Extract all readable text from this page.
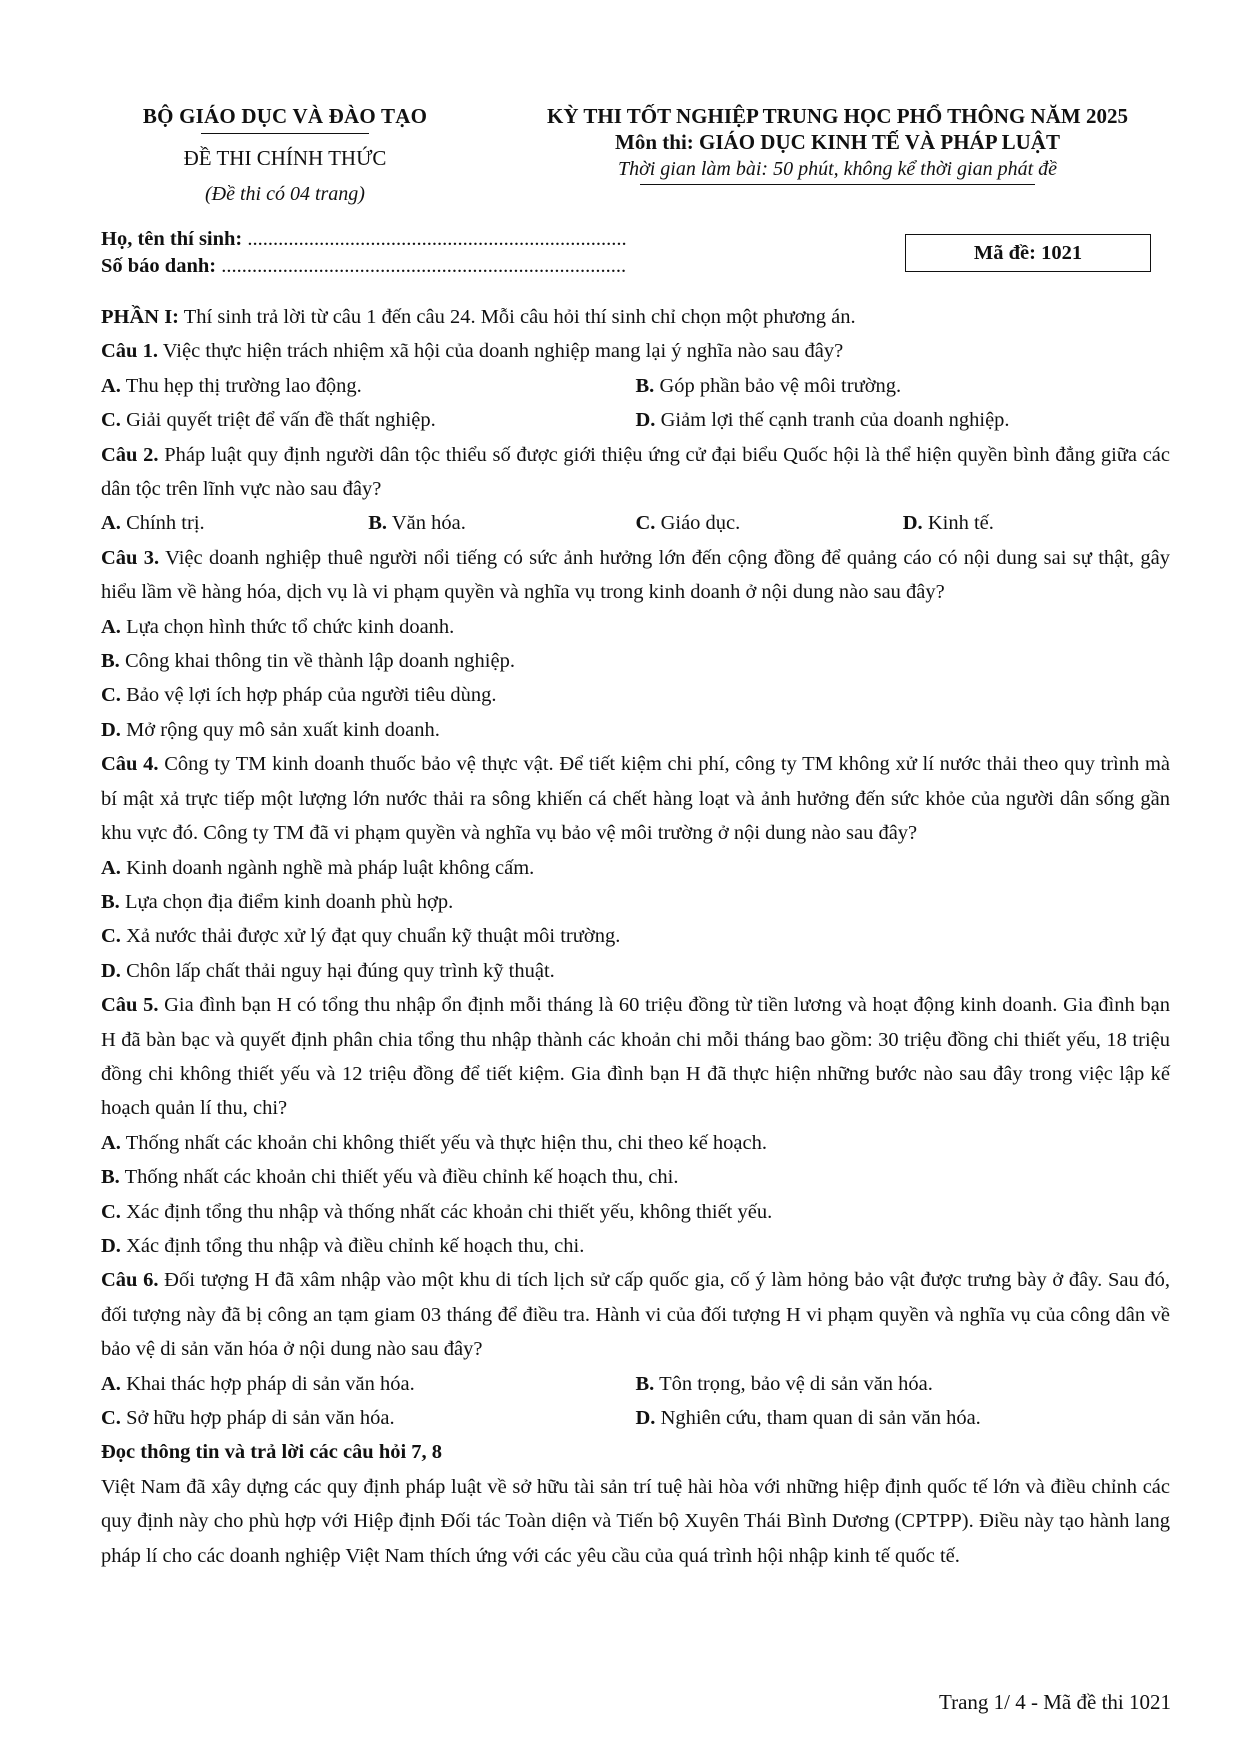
BỘ GIÁO DỤC VÀ ĐÀO TẠO
ĐỀ THI CHÍNH THỨC
(Đề thi có 04 trang)
KỲ THI TỐT NGHIỆP TRUNG HỌC PHỔ THÔNG NĂM 2025
Môn thi: GIÁO DỤC KINH TẾ VÀ PHÁP LUẬT
Thời gian làm bài: 50 phút, không kể thời gian phát đề
Họ, tên thí sinh: ..........................................................................
Số báo danh: ...............................................................................
Mã đề: 1021

PHẦN I: Thí sinh trả lời từ câu 1 đến câu 24. Mỗi câu hỏi thí sinh chỉ chọn một phương án.

Câu 1. Việc thực hiện trách nhiệm xã hội của doanh nghiệp mang lại ý nghĩa nào sau đây?

A. Thu hẹp thị trường lao động.	B. Góp phần bảo vệ môi trường.
C. Giải quyết triệt để vấn đề thất nghiệp.	D. Giảm lợi thế cạnh tranh của doanh nghiệp.

Câu 2. Pháp luật quy định người dân tộc thiểu số được giới thiệu ứng cử đại biểu Quốc hội là thể hiện quyền bình đẳng giữa các dân tộc trên lĩnh vực nào sau đây?

A. Chính trị.	B. Văn hóa.	C. Giáo dục.	D. Kinh tế.

Câu 3. Việc doanh nghiệp thuê người nổi tiếng có sức ảnh hưởng lớn đến cộng đồng để quảng cáo có nội dung sai sự thật, gây hiểu lầm về hàng hóa, dịch vụ là vi phạm quyền và nghĩa vụ trong kinh doanh ở nội dung nào sau đây?

A. Lựa chọn hình thức tổ chức kinh doanh.
B. Công khai thông tin về thành lập doanh nghiệp.
C. Bảo vệ lợi ích hợp pháp của người tiêu dùng.
D. Mở rộng quy mô sản xuất kinh doanh.

Câu 4. Công ty TM kinh doanh thuốc bảo vệ thực vật. Để tiết kiệm chi phí, công ty TM không xử lí nước thải theo quy trình mà bí mật xả trực tiếp một lượng lớn nước thải ra sông khiến cá chết hàng loạt và ảnh hưởng đến sức khỏe của người dân sống gần khu vực đó. Công ty TM đã vi phạm quyền và nghĩa vụ bảo vệ môi trường ở nội dung nào sau đây?

A. Kinh doanh ngành nghề mà pháp luật không cấm.
B. Lựa chọn địa điểm kinh doanh phù hợp.
C. Xả nước thải được xử lý đạt quy chuẩn kỹ thuật môi trường.
D. Chôn lấp chất thải nguy hại đúng quy trình kỹ thuật.

Câu 5. Gia đình bạn H có tổng thu nhập ổn định mỗi tháng là 60 triệu đồng từ tiền lương và hoạt động kinh doanh. Gia đình bạn H đã bàn bạc và quyết định phân chia tổng thu nhập thành các khoản chi mỗi tháng bao gồm: 30 triệu đồng chi thiết yếu, 18 triệu đồng chi không thiết yếu và 12 triệu đồng để tiết kiệm. Gia đình bạn H đã thực hiện những bước nào sau đây trong việc lập kế hoạch quản lí thu, chi?

A. Thống nhất các khoản chi không thiết yếu và thực hiện thu, chi theo kế hoạch.
B. Thống nhất các khoản chi thiết yếu và điều chỉnh kế hoạch thu, chi.
C. Xác định tổng thu nhập và thống nhất các khoản chi thiết yếu, không thiết yếu.
D. Xác định tổng thu nhập và điều chỉnh kế hoạch thu, chi.

Câu 6. Đối tượng H đã xâm nhập vào một khu di tích lịch sử cấp quốc gia, cố ý làm hỏng bảo vật được trưng bày ở đây. Sau đó, đối tượng này đã bị công an tạm giam 03 tháng để điều tra. Hành vi của đối tượng H vi phạm quyền và nghĩa vụ của công dân về bảo vệ di sản văn hóa ở nội dung nào sau đây?

A. Khai thác hợp pháp di sản văn hóa.	B. Tôn trọng, bảo vệ di sản văn hóa.
C. Sở hữu hợp pháp di sản văn hóa.	D. Nghiên cứu, tham quan di sản văn hóa.

Đọc thông tin và trả lời các câu hỏi 7, 8

Việt Nam đã xây dựng các quy định pháp luật về sở hữu tài sản trí tuệ hài hòa với những hiệp định quốc tế lớn và điều chỉnh các quy định này cho phù hợp với Hiệp định Đối tác Toàn diện và Tiến bộ Xuyên Thái Bình Dương (CPTPP). Điều này tạo hành lang pháp lí cho các doanh nghiệp Việt Nam thích ứng với các yêu cầu của quá trình hội nhập kinh tế quốc tế.

Trang 1/ 4 - Mã đề thi 1021
